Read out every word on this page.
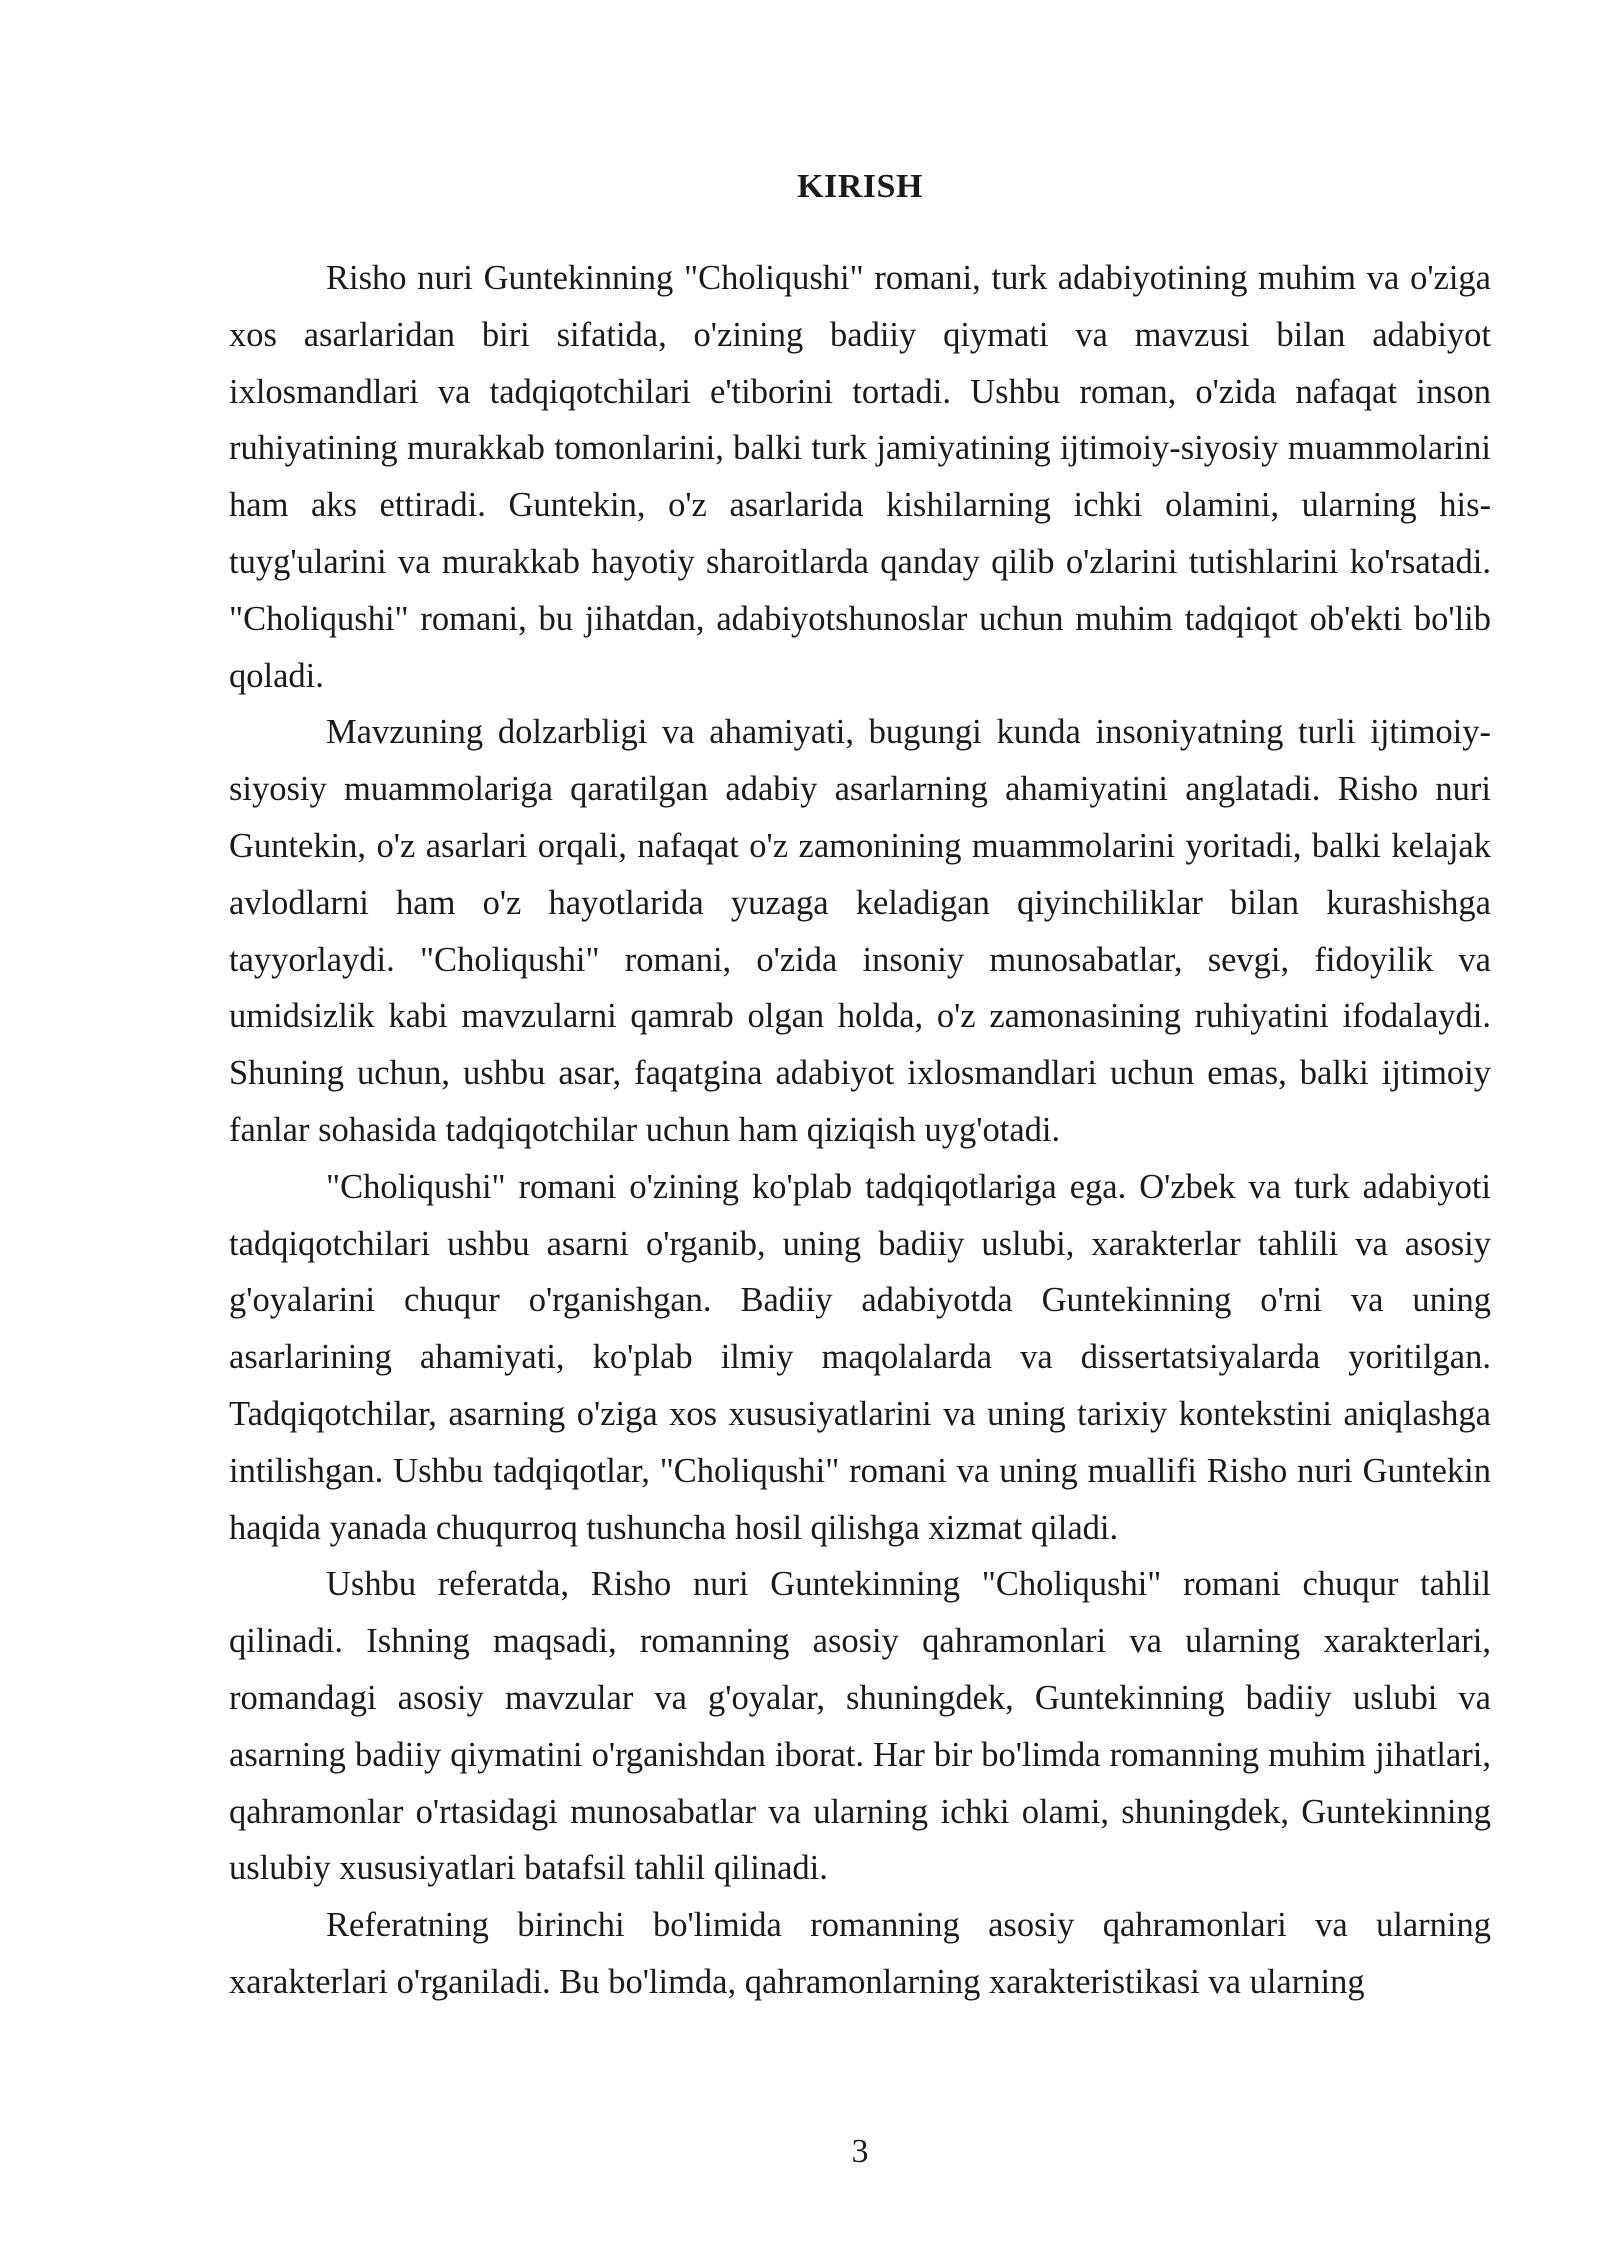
KIRISH

Risho nuri Guntekinning "Choliqushi" romani, turk adabiyotining muhim va o'ziga xos asarlaridan biri sifatida, o'zining badiiy qiymati va mavzusi bilan adabiyot ixlosmandlari va tadqiqotchilari e'tiborini tortadi. Ushbu roman, o'zida nafaqat inson ruhiyatining murakkab tomonlarini, balki turk jamiyatining ijtimoiy-siyosiy muammolarini ham aks ettiradi. Guntekin, o'z asarlarida kishilarning ichki olamini, ularning his-tuyg'ularini va murakkab hayotiy sharoitlarda qanday qilib o'zlarini tutishlarini ko'rsatadi. "Choliqushi" romani, bu jihatdan, adabiyotshunoslar uchun muhim tadqiqot ob'ekti bo'lib qoladi.

Mavzuning dolzarbligi va ahamiyati, bugungi kunda insoniyatning turli ijtimoiy-siyosiy muammolariga qaratilgan adabiy asarlarning ahamiyatini anglatadi. Risho nuri Guntekin, o'z asarlari orqali, nafaqat o'z zamonining muammolarini yoritadi, balki kelajak avlodlarni ham o'z hayotlarida yuzaga keladigan qiyinchiliklar bilan kurashishga tayyorlaydi. "Choliqushi" romani, o'zida insoniy munosabatlar, sevgi, fidoyilik va umidsizlik kabi mavzularni qamrab olgan holda, o'z zamonasining ruhiyatini ifodalaydi. Shuning uchun, ushbu asar, faqatgina adabiyot ixlosmandlari uchun emas, balki ijtimoiy fanlar sohasida tadqiqotchilar uchun ham qiziqish uyg'otadi.

"Choliqushi" romani o'zining ko'plab tadqiqotlariga ega. O'zbek va turk adabiyoti tadqiqotchilari ushbu asarni o'rganib, uning badiiy uslubi, xarakterlar tahlili va asosiy g'oyalarini chuqur o'rganishgan. Badiiy adabiyotda Guntekinning o'rni va uning asarlarining ahamiyati, ko'plab ilmiy maqolalarda va dissertatsiyalarda yoritilgan. Tadqiqotchilar, asarning o'ziga xos xususiyatlarini va uning tarixiy kontekstini aniqlashga intilishgan. Ushbu tadqiqotlar, "Choliqushi" romani va uning muallifi Risho nuri Guntekin haqida yanada chuqurroq tushuncha hosil qilishga xizmat qiladi.

Ushbu referatda, Risho nuri Guntekinning "Choliqushi" romani chuqur tahlil qilinadi. Ishning maqsadi, romanning asosiy qahramonlari va ularning xarakterlari, romandagi asosiy mavzular va g'oyalar, shuningdek, Guntekinning badiiy uslubi va asarning badiiy qiymatini o'rganishdan iborat. Har bir bo'limda romanning muhim jihatlari, qahramonlar o'rtasidagi munosabatlar va ularning ichki olami, shuningdek, Guntekinning uslubiy xususiyatlari batafsil tahlil qilinadi.

Referatning birinchi bo'limida romanning asosiy qahramonlari va ularning xarakterlari o'rganiladi. Bu bo'limda, qahramonlarning xarakteristikasi va ularning

3
